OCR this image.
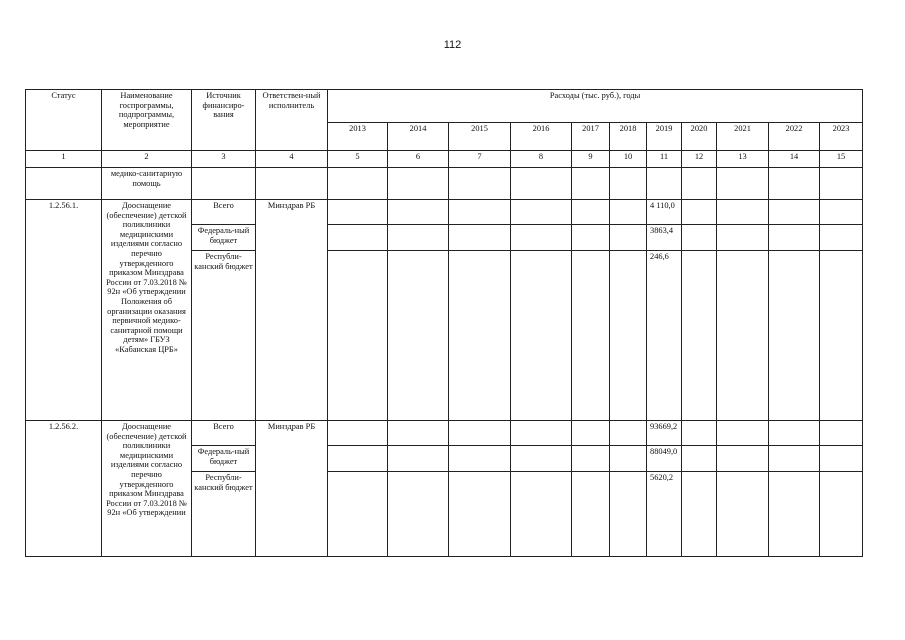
112
Статус	Наименование госпрограммы, подпрограммы, мероприятие	Источник финансиро-вания	Ответствен-ный исполнитель	Расходы (тыс. руб.), годы										
				2013	2014	2015	2016	2017	2018	2019	2020	2021	2022	2023
1	2	3	4	5	6	7	8	9	10	11	12	13	14	15
	медико-санитарную помощь													
1.2.56.1.	Дооснащение (обеспечение) детской поликлиники медицинскими изделиями согласно перечню утвержденного приказом Минздрава России от 7.03.2018 № 92н «Об утверждении Положения об организации оказания первичной медико-санитарной помощи детям» ГБУЗ «Кабанская ЦРБ»	Всего	Минздрав РБ							4 110,0				
		Федераль-ный бюджет								3863,4				
		Республи-канский бюджет								246,6				
1.2.56.2.	Дооснащение (обеспечение) детской поликлиники медицинскими изделиями согласно перечню утвержденного приказом Минздрава России от 7.03.2018 № 92н «Об утверждении	Всего	Минздрав РБ							93669,2				
		Федераль-ный бюджет								88049,0				
		Республи-канский бюджет								5620,2				
